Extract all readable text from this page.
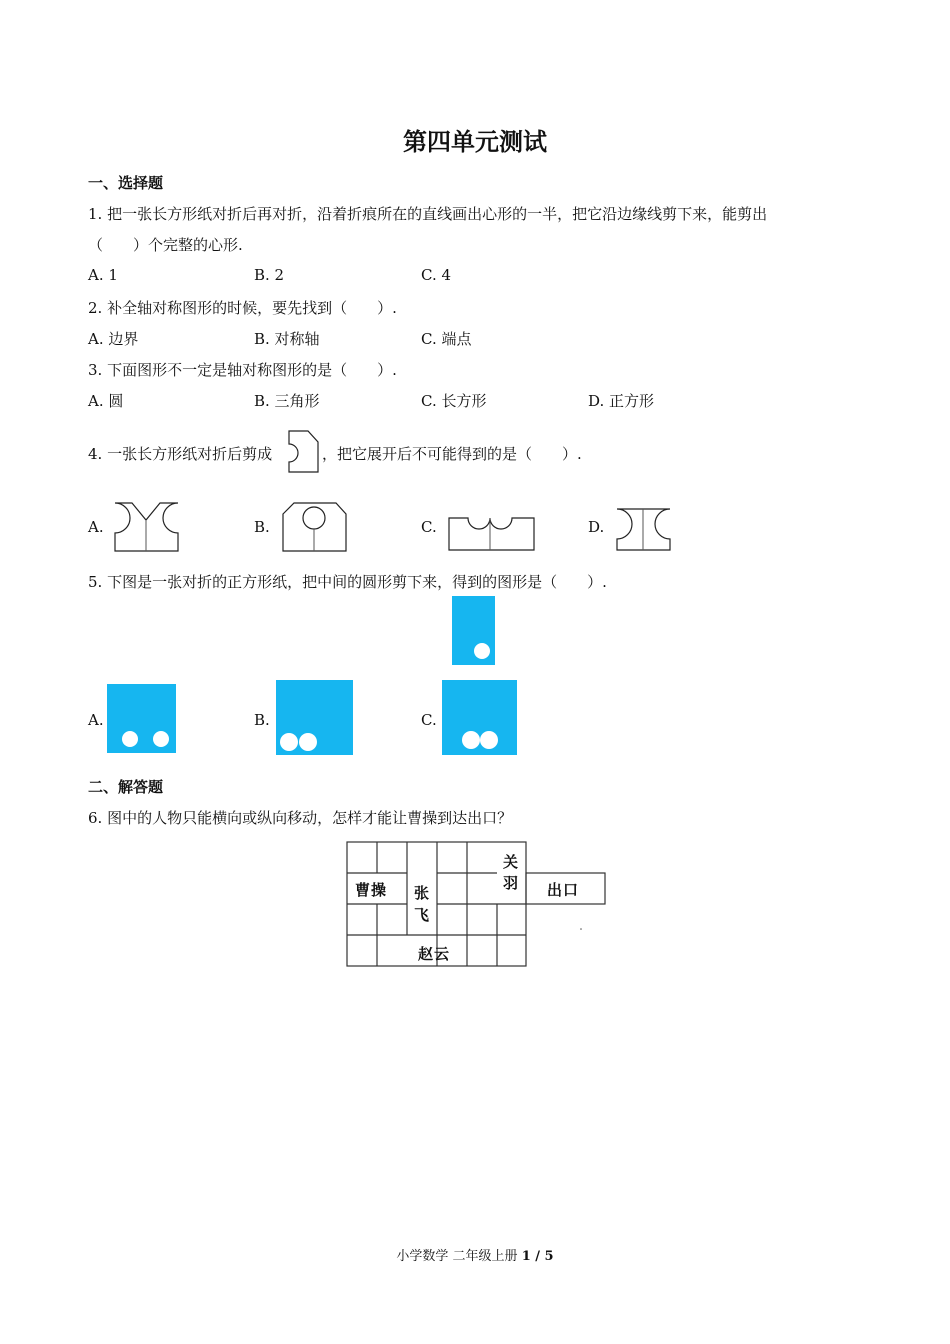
第四单元测试
一、选择题
1. 把一张长方形纸对折后再对折，沿着折痕所在的直线画出心形的一半，把它沿边缘线剪下来，能剪出
（　　）个完整的心形.
A. 1	B. 2	C. 4
2. 补全轴对称图形的时候，要先找到（　　）.
A. 边界	B. 对称轴	C. 端点
3. 下面图形不一定是轴对称图形的是（　　）.
A. 圆	B. 三角形	C. 长方形	D. 正方形
4. 一张长方形纸对折后剪成	，把它展开后不可能得到的是（　　）.
A.	B.	C.	D.
5. 下图是一张对折的正方形纸，把中间的圆形剪下来，得到的图形是（　　）.
A.	B.	C.
二、解答题
6. 图中的人物只能横向或纵向移动，怎样才能让曹操到达出口？
曹操 张
飞
关
羽
赵云
出口
小学数学 二年级上册 1 / 5
